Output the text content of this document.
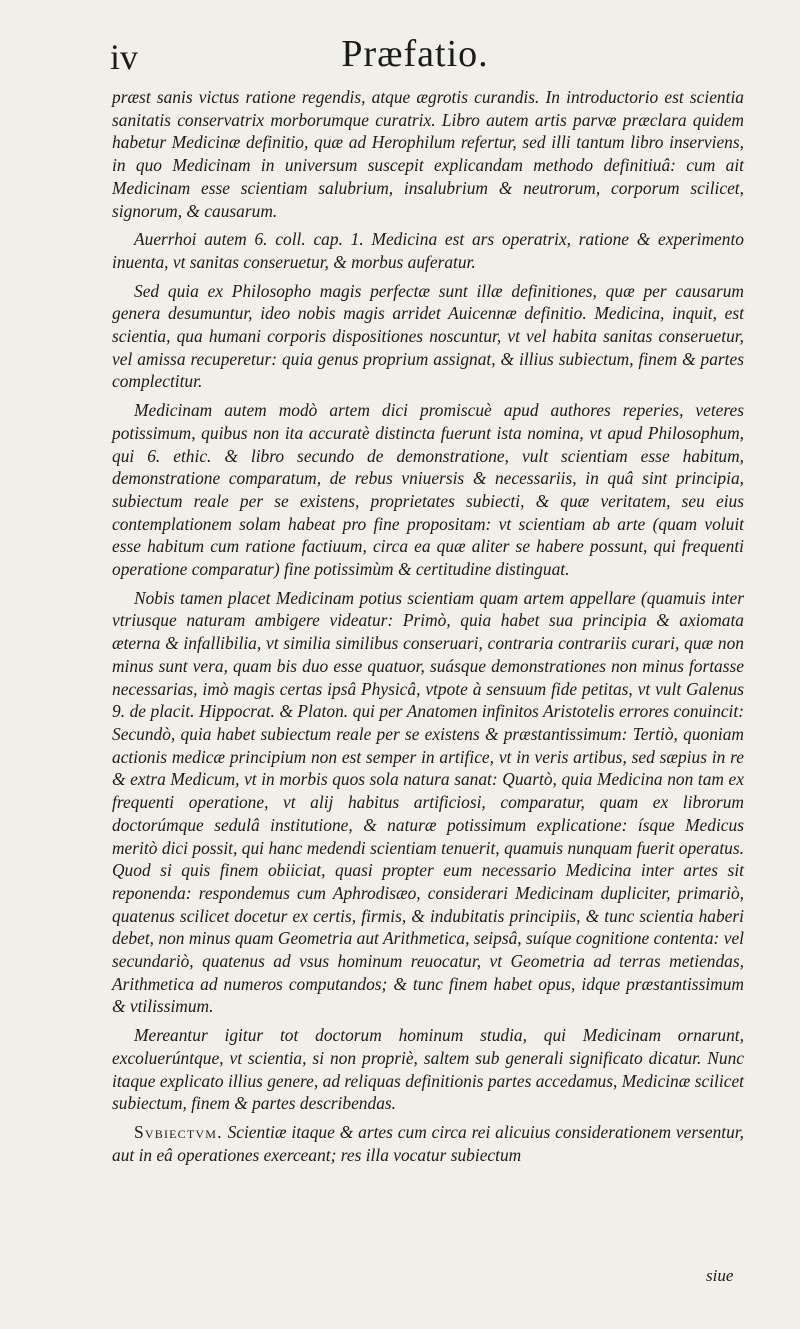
iv	Præfatio.

præst sanis victus ratione regendis, atque ægrotis curandis. In introductorio est scientia sanitatis conservatrix morborumque curatrix. Libro autem artis parvæ præclara quidem habetur Medicinæ definitio, quæ ad Herophilum refertur, sed illi tantum libro inserviens, in quo Medicinam in universum suscepit explicandam methodo definitiuâ: cum ait Medicinam esse scientiam salubrium, insalubrium & neutrorum, corporum scilicet, signorum, & causarum.

Auerrhoi autem 6. coll. cap. 1. Medicina est ars operatrix, ratione & experimento inuenta, vt sanitas conseruetur, & morbus auferatur.

Sed quia ex Philosopho magis perfectæ sunt illæ definitiones, quæ per causarum genera desumuntur, ideo nobis magis arridet Auicennæ definitio. Medicina, inquit, est scientia, qua humani corporis dispositiones noscuntur, vt vel habita sanitas conseruetur, vel amissa recuperetur: quia genus proprium assignat, & illius subiectum, finem & partes complectitur.

Medicinam autem modò artem dici promiscuè apud authores reperies, veteres potissimum, quibus non ita accuratè distincta fuerunt ista nomina, vt apud Philosophum, qui 6. ethic. & libro secundo de demonstratione, vult scientiam esse habitum, demonstratione comparatum, de rebus vniuersis & necessariis, in quâ sint principia, subiectum reale per se existens, proprietates subiecti, & quæ veritatem, seu eius contemplationem solam habeat pro fine propositam: vt scientiam ab arte (quam voluit esse habitum cum ratione factiuum, circa ea quæ aliter se habere possunt, qui frequenti operatione comparatur) fine potissimùm & certitudine distinguat.

Nobis tamen placet Medicinam potius scientiam quam artem appellare (quamuis inter vtriusque naturam ambigere videatur: Primò, quia habet sua principia & axiomata æterna & infallibilia, vt similia similibus conseruari, contraria contrariis curari, quæ non minus sunt vera, quam bis duo esse quatuor, suásque demonstrationes non minus fortasse necessarias, imò magis certas ipsâ Physicâ, vtpote à sensuum fide petitas, vt vult Galenus 9. de placit. Hippocrat. & Platon. qui per Anatomen infinitos Aristotelis errores conuincit: Secundò, quia habet subiectum reale per se existens & præstantissimum: Tertiò, quoniam actionis medicæ principium non est semper in artifice, vt in veris artibus, sed sæpius in re & extra Medicum, vt in morbis quos sola natura sanat: Quartò, quia Medicina non tam ex frequenti operatione, vt alij habitus artificiosi, comparatur, quam ex librorum doctorúmque sedulâ institutione, & naturæ potissimum explicatione: ísque Medicus meritò dici possit, qui hanc medendi scientiam tenuerit, quamuis nunquam fuerit operatus. Quod si quis finem obiiciat, quasi propter eum necessario Medicina inter artes sit reponenda: respondemus cum Aphrodisæo, considerari Medicinam dupliciter, primariò, quatenus scilicet docetur ex certis, firmis, & indubitatis principiis, & tunc scientia haberi debet, non minus quam Geometria aut Arithmetica, seipsâ, suíque cognitione contenta: vel secundariò, quatenus ad vsus hominum reuocatur, vt Geometria ad terras metiendas, Arithmetica ad numeros computandos; & tunc finem habet opus, idque præstantissimum & vtilissimum.

Mereantur igitur tot doctorum hominum studia, qui Medicinam ornarunt, excoluerúntque, vt scientia, si non propriè, saltem sub generali significato dicatur. Nunc itaque explicato illius genere, ad reliquas definitionis partes accedamus, Medicinæ scilicet subiectum, finem & partes describendas.

Svbiectvm. Scientiæ itaque & artes cum circa rei alicuius considerationem versentur, aut in eâ operationes exerceant; res illa vocatur subiectum

siue
